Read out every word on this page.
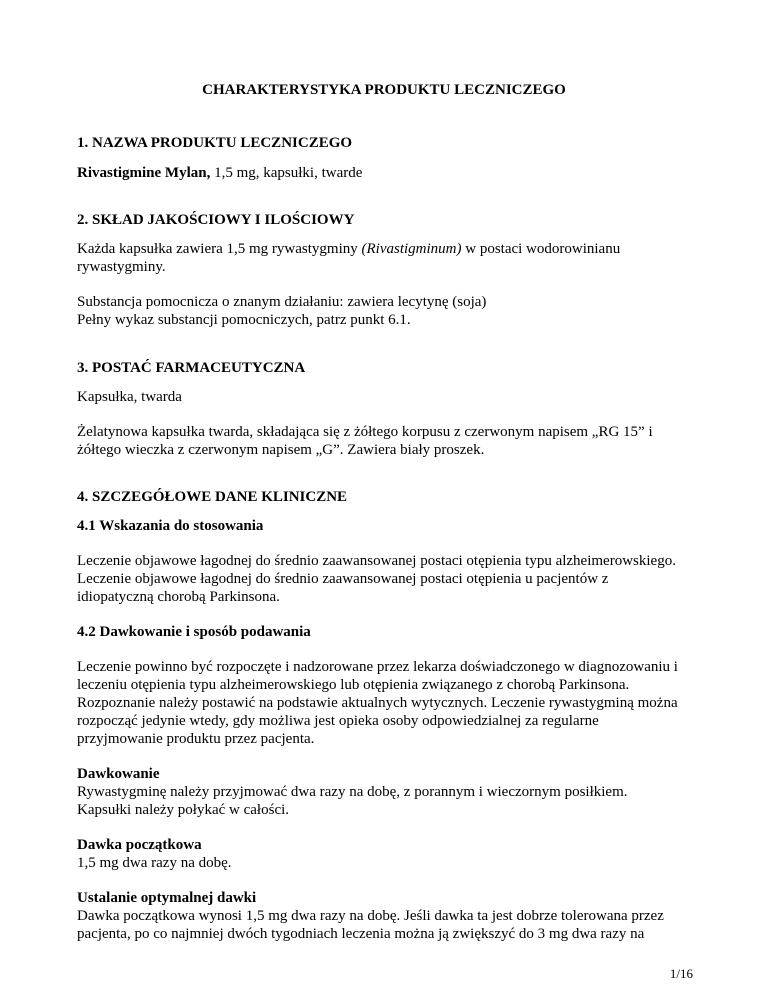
CHARAKTERYSTYKA PRODUKTU LECZNICZEGO

1. NAZWA PRODUKTU LECZNICZEGO

Rivastigmine Mylan, 1,5 mg, kapsułki, twarde

2. SKŁAD JAKOŚCIOWY I ILOŚCIOWY

Każda kapsułka zawiera 1,5 mg rywastygminy (Rivastigminum) w postaci wodorowinianu

rywastygminy.

Substancja pomocnicza o znanym działaniu: zawiera lecytynę (soja)

Pełny wykaz substancji pomocniczych, patrz punkt 6.1.

3. POSTAĆ FARMACEUTYCZNA

Kapsułka, twarda

Żelatynowa kapsułka twarda, składająca się z żółtego korpusu z czerwonym napisem „RG 15” i

żółtego wieczka z czerwonym napisem „G”. Zawiera biały proszek.

4. SZCZEGÓŁOWE DANE KLINICZNE

4.1 Wskazania do stosowania

Leczenie objawowe łagodnej do średnio zaawansowanej postaci otępienia typu alzheimerowskiego.

Leczenie objawowe łagodnej do średnio zaawansowanej postaci otępienia u pacjentów z

idiopatyczną chorobą Parkinsona.

4.2 Dawkowanie i sposób podawania

Leczenie powinno być rozpoczęte i nadzorowane przez lekarza doświadczonego w diagnozowaniu i

leczeniu otępienia typu alzheimerowskiego lub otępienia związanego z chorobą Parkinsona.

Rozpoznanie należy postawić na podstawie aktualnych wytycznych. Leczenie rywastygminą można

rozpocząć jedynie wtedy, gdy możliwa jest opieka osoby odpowiedzialnej za regularne

przyjmowanie produktu przez pacjenta.

Dawkowanie

Rywastygminę należy przyjmować dwa razy na dobę, z porannym i wieczornym posiłkiem.

Kapsułki należy połykać w całości.

Dawka początkowa

1,5 mg dwa razy na dobę.

Ustalanie optymalnej dawki

Dawka początkowa wynosi 1,5 mg dwa razy na dobę. Jeśli dawka ta jest dobrze tolerowana przez

pacjenta, po co najmniej dwóch tygodniach leczenia można ją zwiększyć do 3 mg dwa razy na

1/16
